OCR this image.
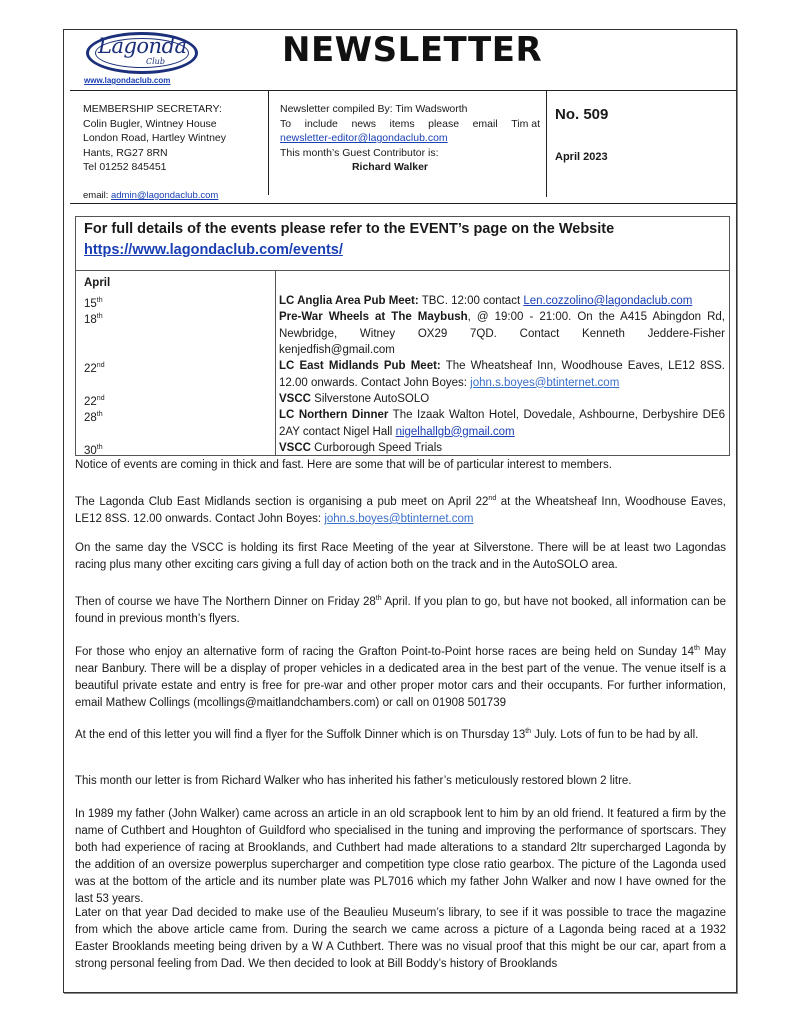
Lagonda
Club
www.lagondaclub.com
NEWSLETTER
MEMBERSHIP SECRETARY:
Colin Bugler, Wintney House
London Road, Hartley Wintney
Hants, RG27 8RN
Tel 01252 845451
email: admin@lagondaclub.com
Newsletter compiled By: Tim Wadsworth
To include news items please email Tim at
newsletter-editor@lagondaclub.com
This month’s Guest Contributor is:
Richard Walker
No. 509
April 2023
For full details of the events please refer to the EVENT’s page on the Website
https://www.lagondaclub.com/events/
April
15th	LC Anglia Area Pub Meet: TBC. 12:00 contact Len.cozzolino@lagondaclub.com
18th	Pre-War Wheels at The Maybush, @ 19:00 - 21:00. On the A415 Abingdon Rd, Newbridge, Witney OX29 7QD. Contact Kenneth Jeddere-Fisher kenjedfish@gmail.com
22nd	LC East Midlands Pub Meet: The Wheatsheaf Inn, Woodhouse Eaves, LE12 8SS. 12.00 onwards. Contact John Boyes: john.s.boyes@btinternet.com
22nd	VSCC Silverstone AutoSOLO
28th	LC Northern Dinner The Izaak Walton Hotel, Dovedale, Ashbourne, Derbyshire DE6 2AY contact Nigel Hall nigelhallgb@gmail.com
30th	VSCC Curborough Speed Trials
Notice of events are coming in thick and fast. Here are some that will be of particular interest to members.
The Lagonda Club East Midlands section is organising a pub meet on April 22nd at the Wheatsheaf Inn, Woodhouse Eaves, LE12 8SS. 12.00 onwards. Contact John Boyes: john.s.boyes@btinternet.com
On the same day the VSCC is holding its first Race Meeting of the year at Silverstone. There will be at least two Lagondas racing plus many other exciting cars giving a full day of action both on the track and in the AutoSOLO area.
Then of course we have The Northern Dinner on Friday 28th April. If you plan to go, but have not booked, all information can be found in previous month’s flyers.
For those who enjoy an alternative form of racing the Grafton Point-to-Point horse races are being held on Sunday 14th May near Banbury. There will be a display of proper vehicles in a dedicated area in the best part of the venue. The venue itself is a beautiful private estate and entry is free for pre-war and other proper motor cars and their occupants. For further information, email Mathew Collings (mcollings@maitlandchambers.com) or call on 01908 501739
At the end of this letter you will find a flyer for the Suffolk Dinner which is on Thursday 13th July. Lots of fun to be had by all.
This month our letter is from Richard Walker who has inherited his father’s meticulously restored blown 2 litre.
In 1989 my father (John Walker) came across an article in an old scrapbook lent to him by an old friend. It featured a firm by the name of Cuthbert and Houghton of Guildford who specialised in the tuning and improving the performance of sportscars. They both had experience of racing at Brooklands, and Cuthbert had made alterations to a standard 2ltr supercharged Lagonda by the addition of an oversize powerplus supercharger and competition type close ratio gearbox. The picture of the Lagonda used was at the bottom of the article and its number plate was PL7016 which my father John Walker and now I have owned for the last 53 years.
Later on that year Dad decided to make use of the Beaulieu Museum’s library, to see if it was possible to trace the magazine from which the above article came from. During the search we came across a picture of a Lagonda being raced at a 1932 Easter Brooklands meeting being driven by a W A Cuthbert. There was no visual proof that this might be our car, apart from a strong personal feeling from Dad. We then decided to look at Bill Boddy’s history of Brooklands
